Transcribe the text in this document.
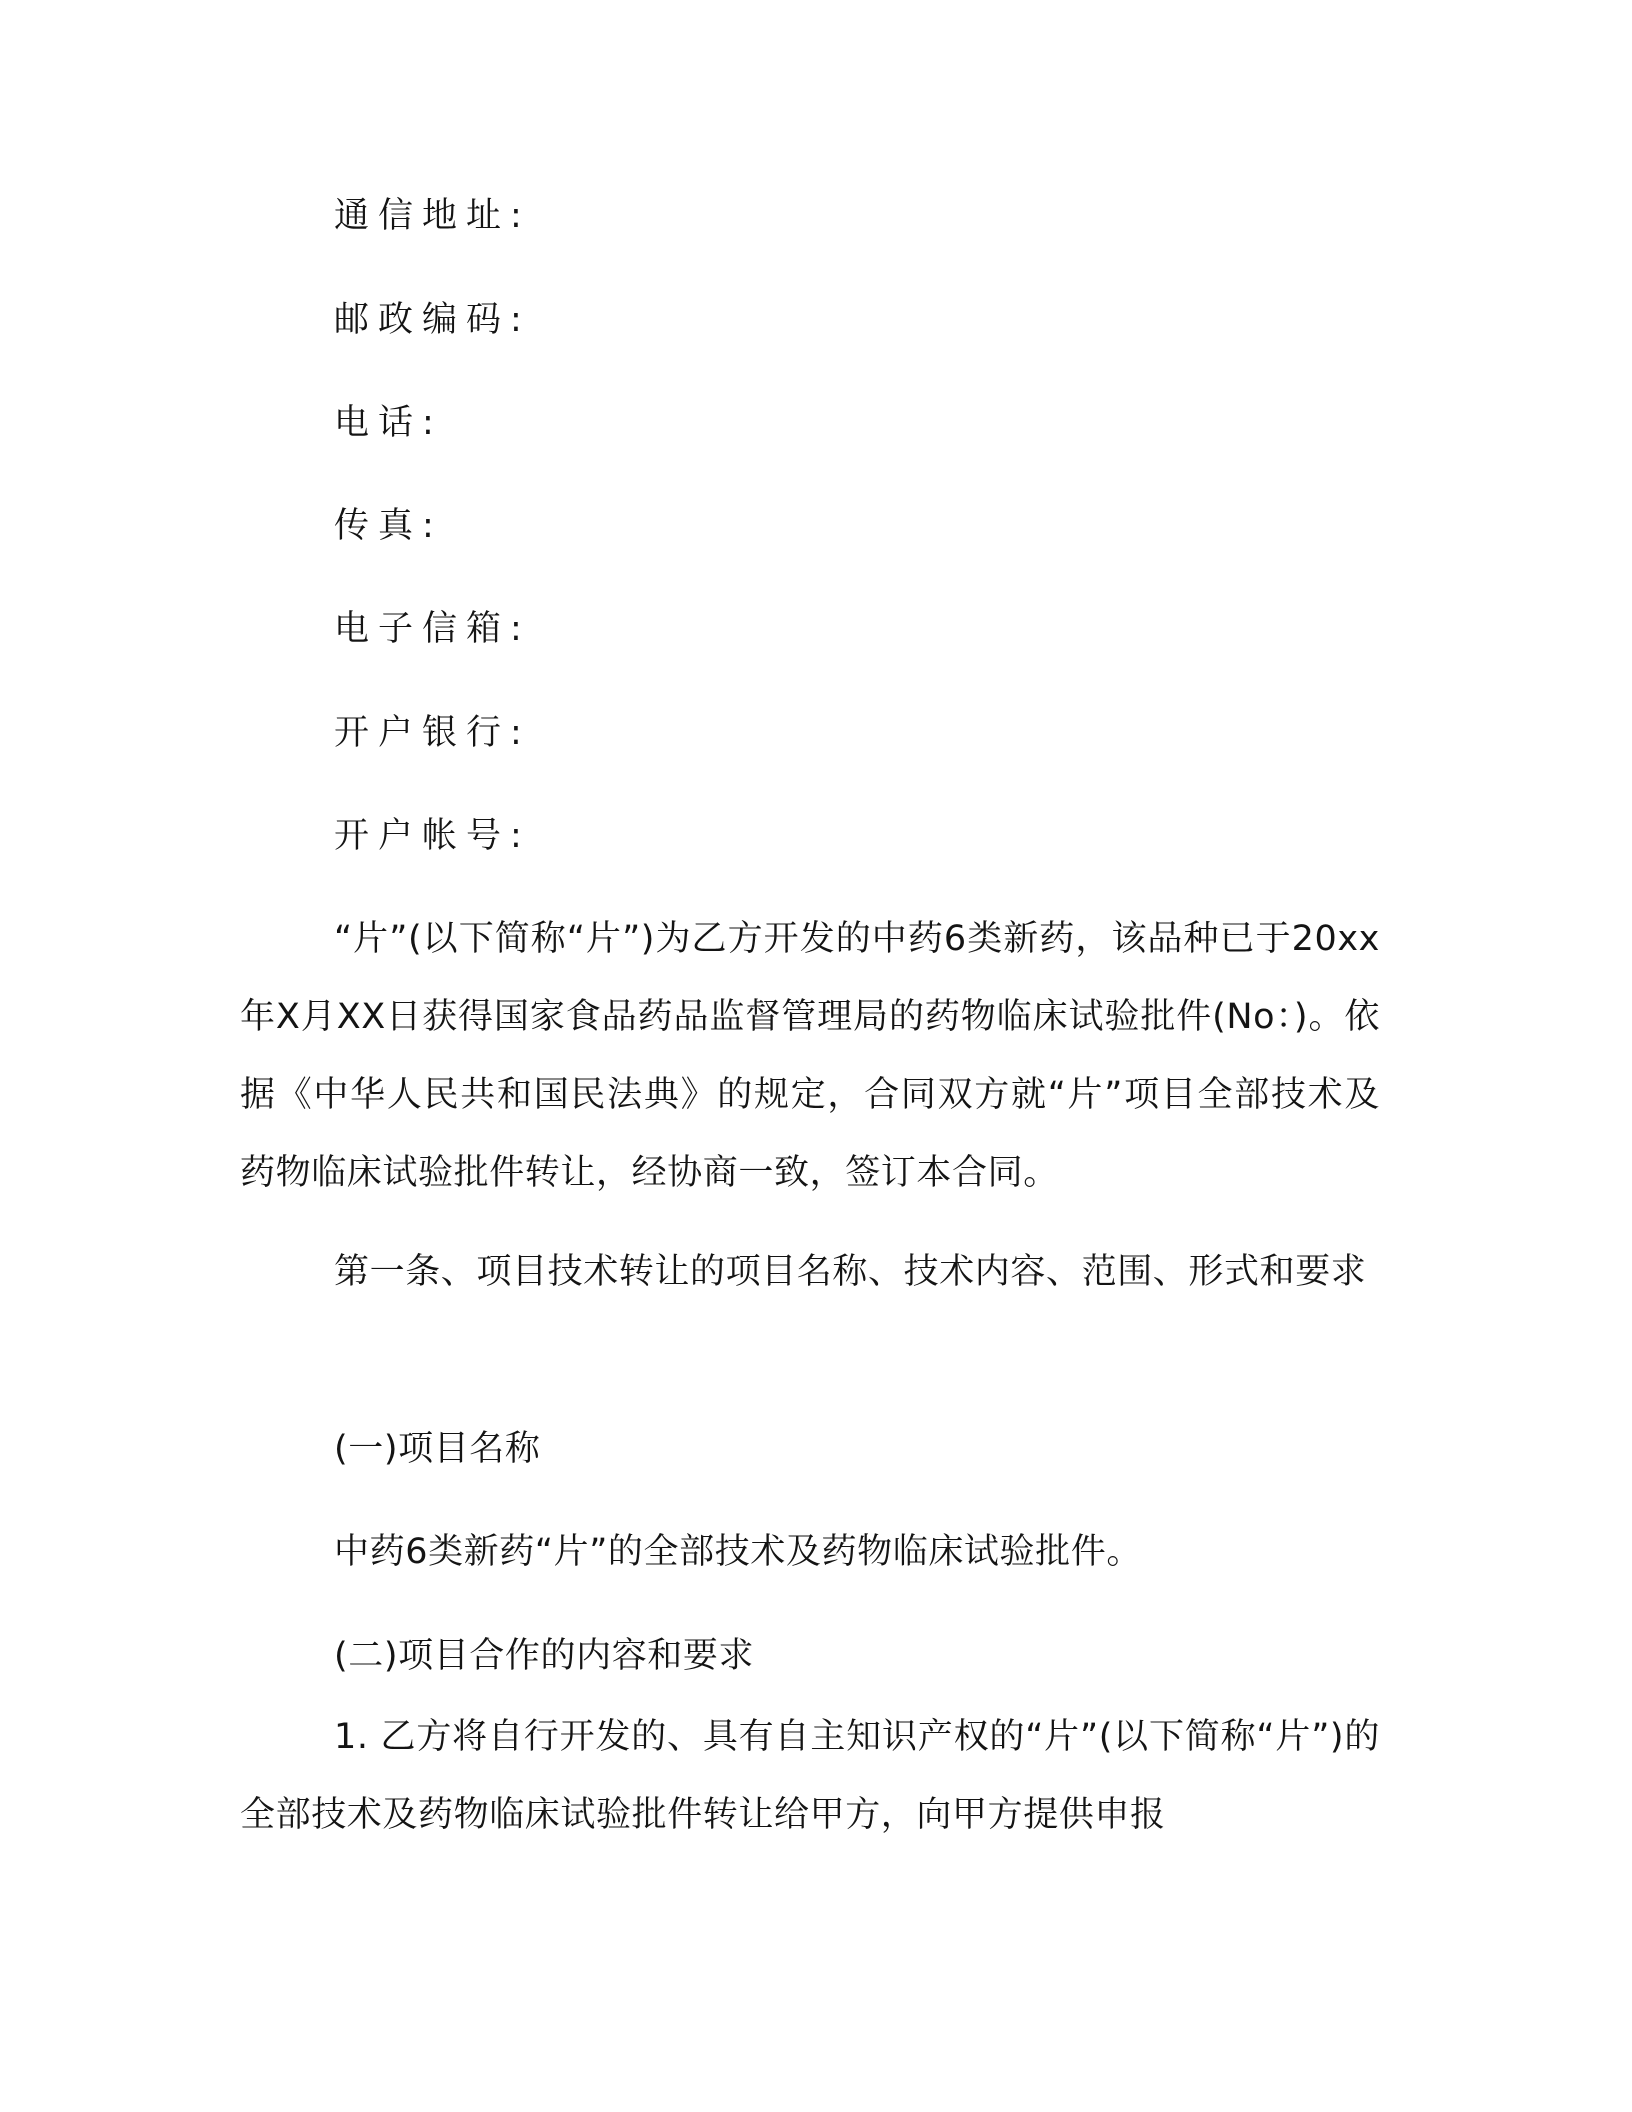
通信地址:
邮政编码:
电话:
传真:
电子信箱:
开户银行:
开户帐号:
“片”(以下简称“片”)为乙方开发的中药6类新药，该品种已于20xx年X月XX日获得国家食品药品监督管理局的药物临床试验批件(No：)。依据《中华人民共和国民法典》的规定，合同双方就“片”项目全部技术及药物临床试验批件转让，经协商一致，签订本合同。
第一条、项目技术转让的项目名称、技术内容、范围、形式和要求
(一)项目名称
中药6类新药“片”的全部技术及药物临床试验批件。
(二)项目合作的内容和要求
1. 乙方将自行开发的、具有自主知识产权的“片”(以下简称“片”)的全部技术及药物临床试验批件转让给甲方，向甲方提供申报
